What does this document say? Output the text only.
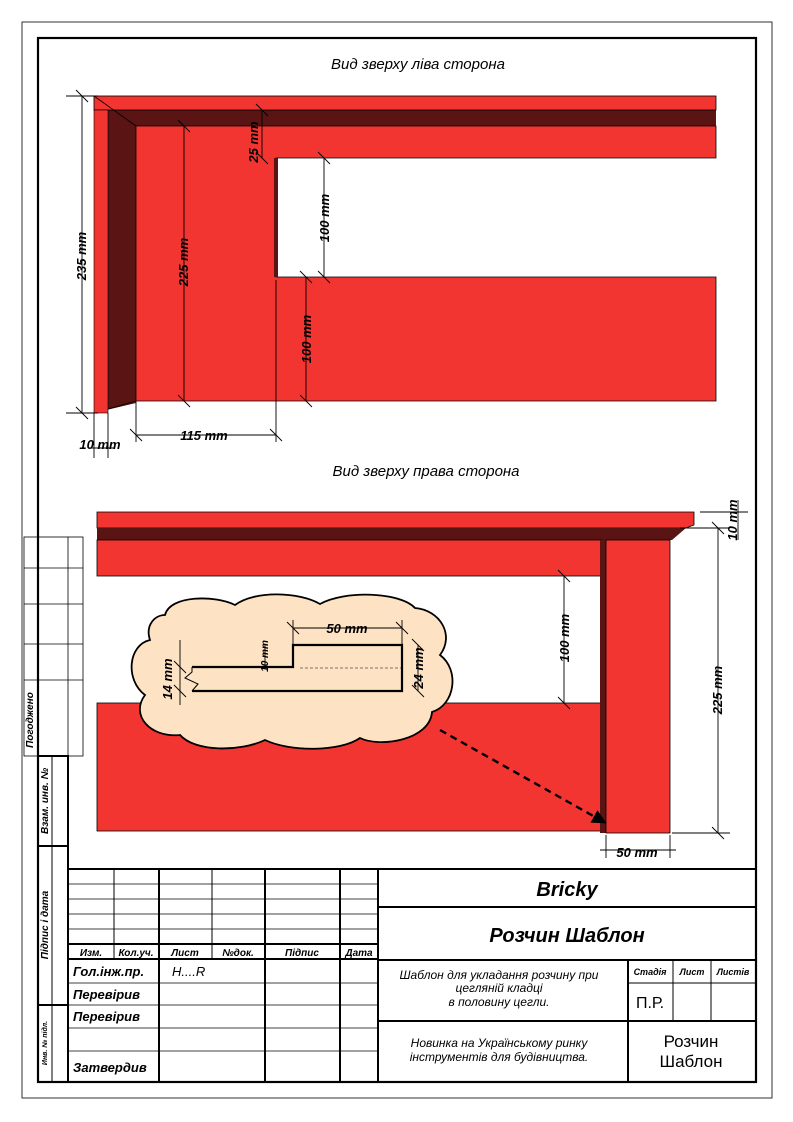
Вид зверху ліва сторона
235 mm	225 mm
25 mm
100 mm
100 mm
10 mm
115 mm
Вид зверху права сторона
50 mm
10 mm
14 mm	24 mm
10 mm
225 mm
100 mm
50 mm
Погоджено
Взам. инв. №
Підпис і дата
Инв. № підл.
Bricky
Розчин Шаблон
Изм. Кол.уч. Лист №док.	Підпис	Дата
Гол.інж.пр. Н....R
Перевірив
Перевірив
Затвердив
Шаблон для укладання розчину при
цегляній кладці
в половину цегли.
Стадія Лист Листів
П.Р.
Новинка на Українському ринку
інструментів для будівництва.
Розчин
Шаблон
